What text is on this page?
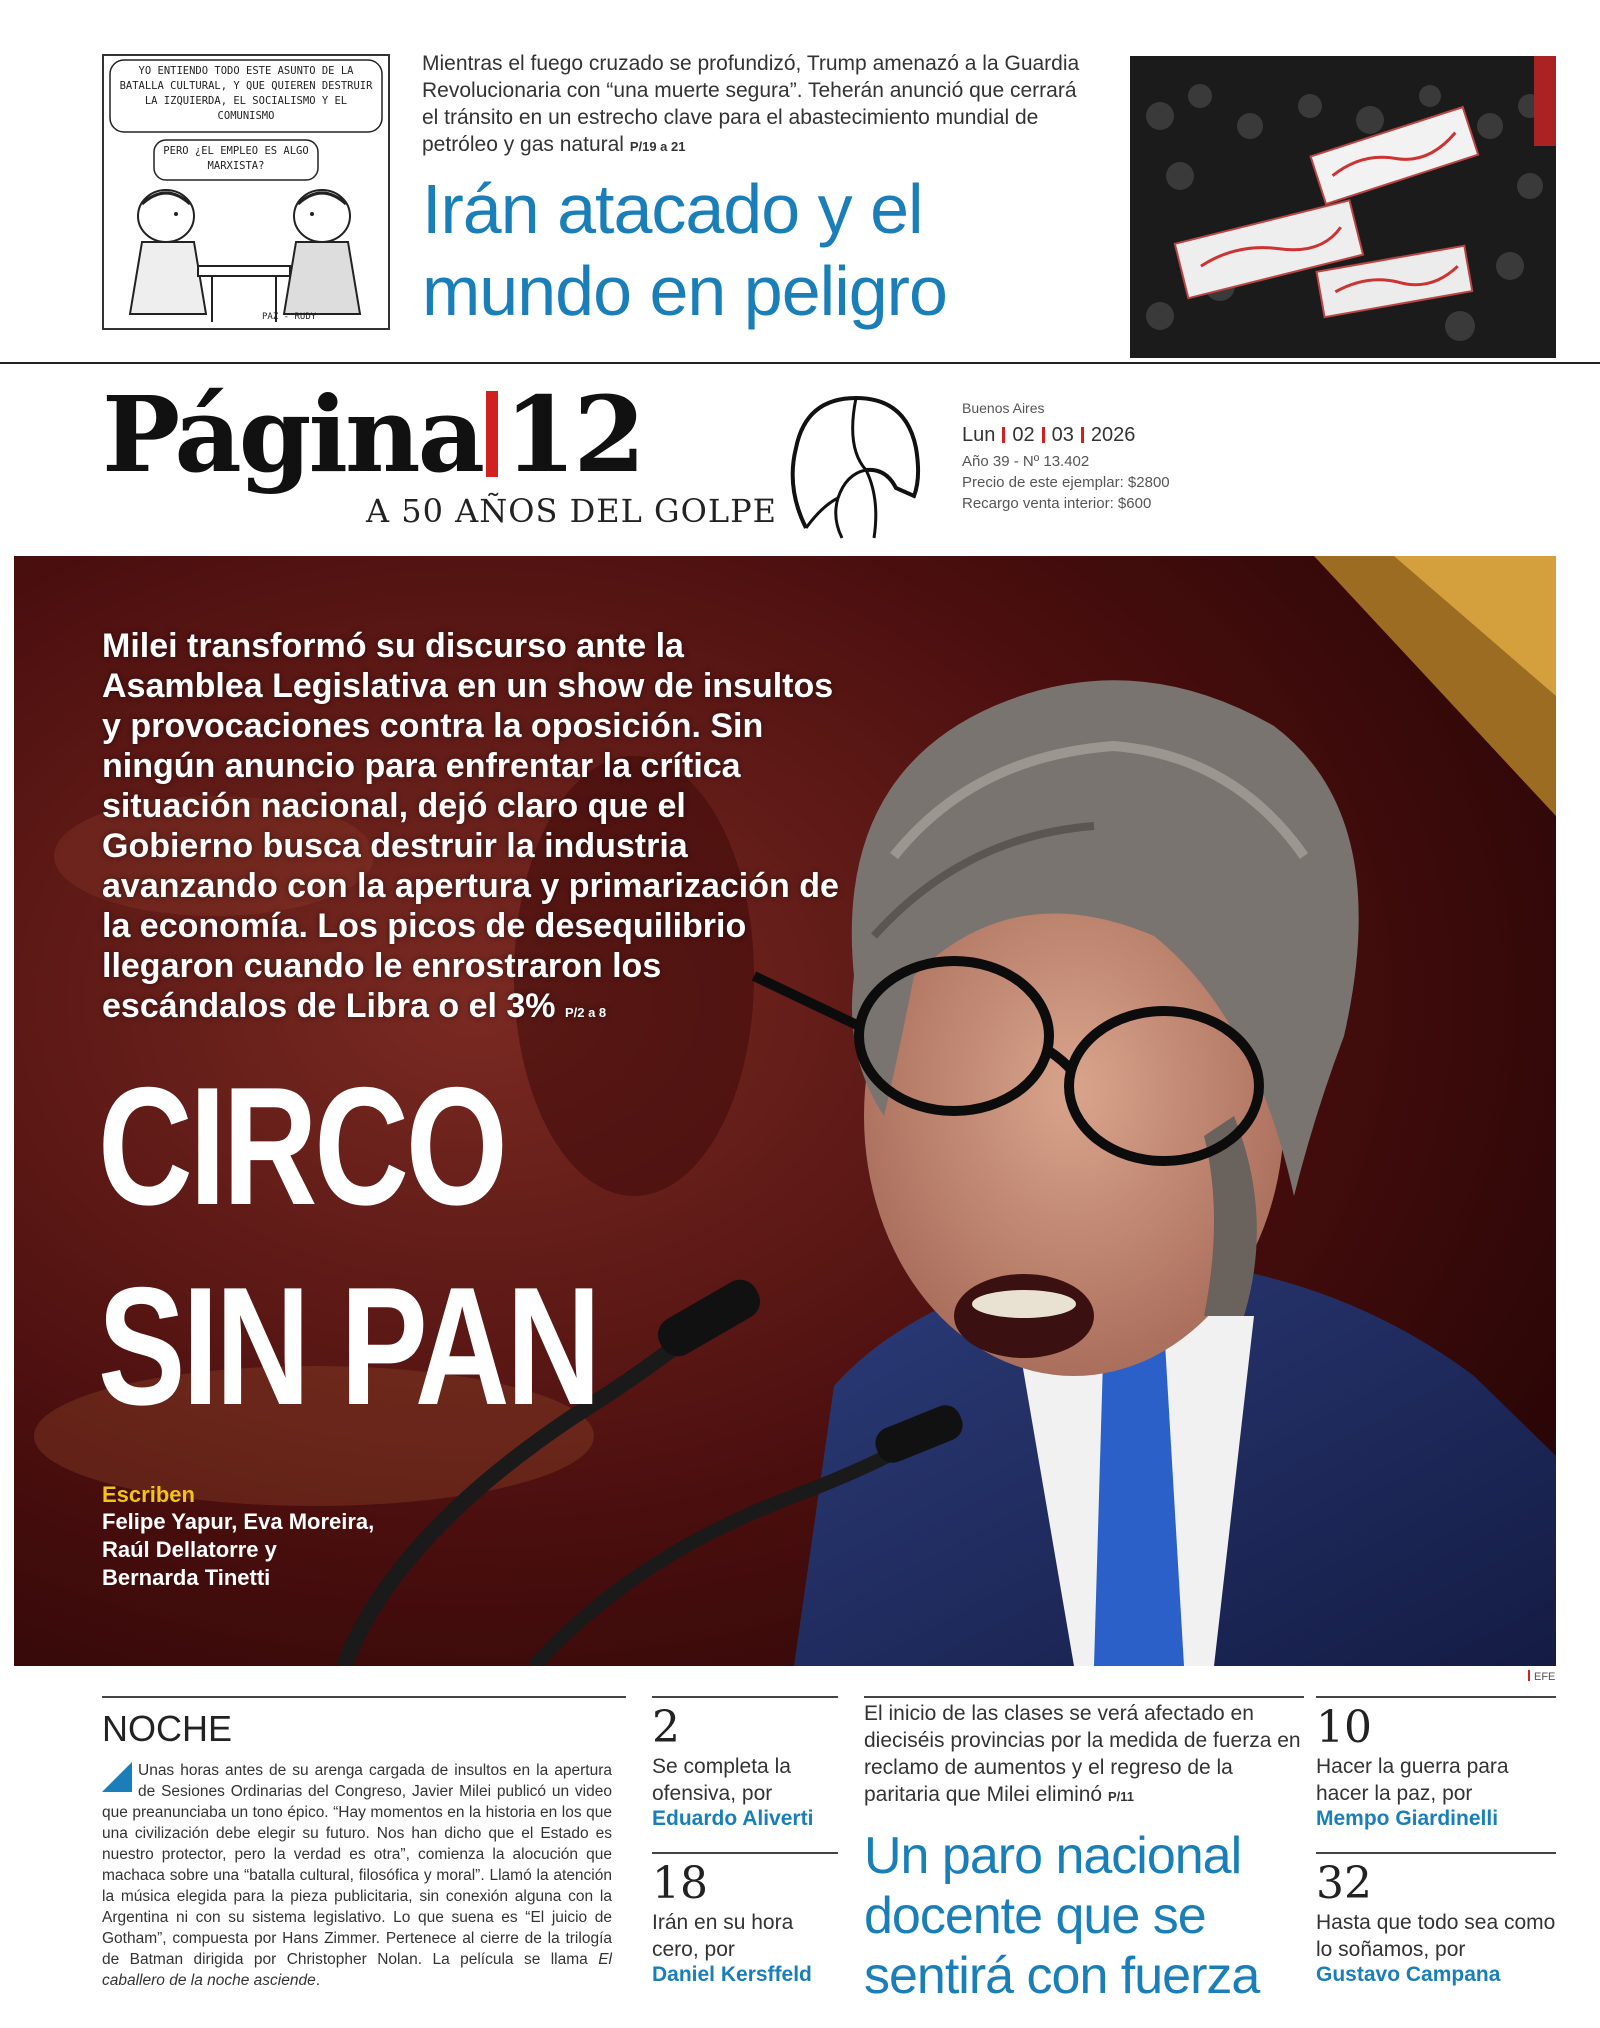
YO ENTIENDO TODO ESTE ASUNTO DE LA BATALLA CULTURAL, Y QUE QUIEREN DESTRUIR LA IZQUIERDA, EL SOCIALISMO Y EL COMUNISMO
PERO ¿EL EMPLEO ES ALGO MARXISTA?
PAZ - RUDY
Mientras el fuego cruzado se profundizó, Trump amenazó a la Guardia Revolucionaria con “una muerte segura”. Teherán anunció que cerrará el tránsito en un estrecho clave para el abastecimiento mundial de petróleo y gas natural P/19 a 21
Irán atacado y el mundo en peligro
Página 12
A 50 AÑOS DEL GOLPE
Buenos Aires
Lun 02 03 2026
Año 39 - Nº 13.402
Precio de este ejemplar: $2800
Recargo venta interior: $600
Milei transformó su discurso ante la Asamblea Legislativa en un show de insultos y provocaciones contra la oposición. Sin ningún anuncio para enfrentar la crítica situación nacional, dejó claro que el Gobierno busca destruir la industria avanzando con la apertura y primarización de la economía. Los picos de desequilibrio llegaron cuando le enrostraron los escándalos de Libra o el 3% P/2 a 8
CIRCO
SIN PAN
Escriben
Felipe Yapur, Eva Moreira,
Raúl Dellatorre y
Bernarda Tinetti
EFE
NOCHE
Unas horas antes de su arenga cargada de insultos en la apertura de Sesiones Ordinarias del Congreso, Javier Milei publicó un video que preanunciaba un tono épico. “Hay momentos en la historia en los que una civilización debe elegir su futuro. Nos han dicho que el Estado es nuestro protector, pero la verdad es otra”, comienza la alocución que machaca sobre una “batalla cultural, filosófica y moral”. Llamó la atención la música elegida para la pieza publicitaria, sin conexión alguna con la Argentina ni con su sistema legislativo. Lo que suena es “El juicio de Gotham”, compuesta por Hans Zimmer. Pertenece al cierre de la trilogía de Batman dirigida por Christopher Nolan. La película se llama El caballero de la noche asciende.
2
Se completa la ofensiva, por
Eduardo Aliverti
18
Irán en su hora cero, por
Daniel Kersffeld
El inicio de las clases se verá afectado en dieciséis provincias por la medida de fuerza en reclamo de aumentos y el regreso de la paritaria que Milei eliminó P/11
Un paro nacional docente que se sentirá con fuerza
10
Hacer la guerra para hacer la paz, por
Mempo Giardinelli
32
Hasta que todo sea como lo soñamos, por
Gustavo Campana
